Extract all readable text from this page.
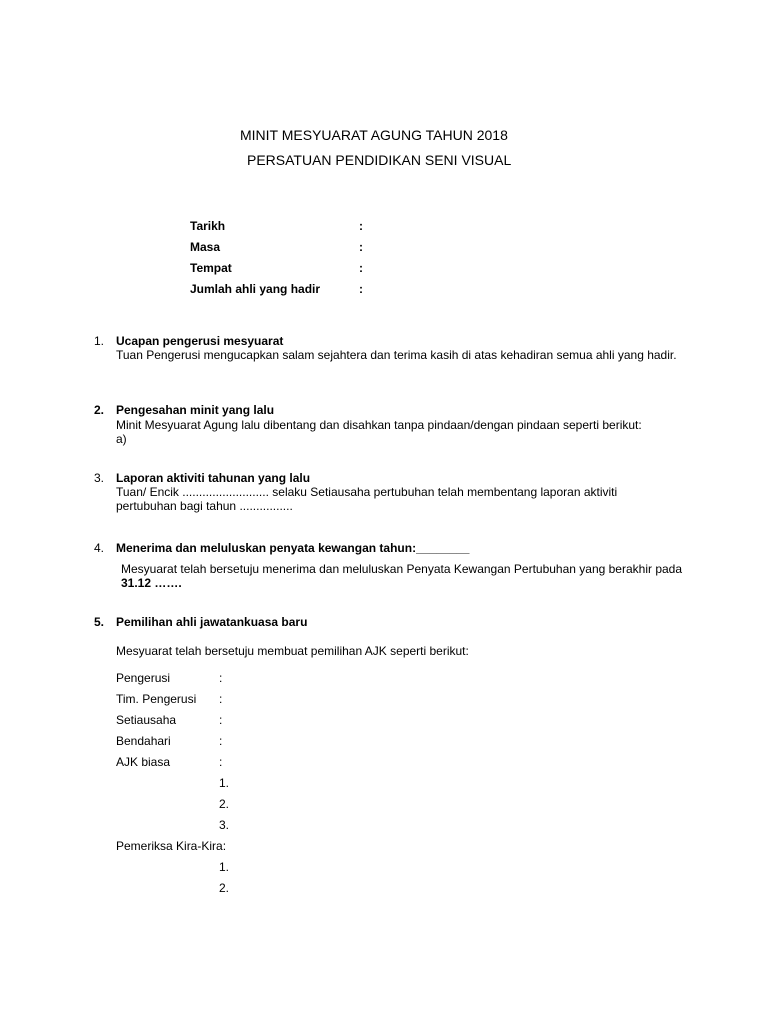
MINIT MESYUARAT AGUNG TAHUN 2018
PERSATUAN PENDIDIKAN SENI VISUAL
Tarikh	:
Masa	:
Tempat	:
Jumlah ahli yang hadir	:
1. Ucapan pengerusi mesyuarat
Tuan Pengerusi mengucapkan salam sejahtera dan terima kasih di atas kehadiran semua ahli yang hadir.
2. Pengesahan minit yang lalu
Minit Mesyuarat Agung lalu dibentang dan disahkan tanpa pindaan/dengan pindaan seperti berikut:
a)
3. Laporan aktiviti tahunan yang lalu
Tuan/ Encik .......................... selaku Setiausaha pertubuhan telah membentang laporan aktiviti pertubuhan bagi tahun ................
4. Menerima dan meluluskan penyata kewangan tahun:________
Mesyuarat telah bersetuju menerima dan meluluskan Penyata Kewangan Pertubuhan yang berakhir pada 31.12 …….
5. Pemilihan ahli jawatankuasa baru
Mesyuarat telah bersetuju membuat pemilihan AJK seperti berikut:
Pengerusi	:
Tim. Pengerusi :
Setiausaha	:
Bendahari	:
AJK biasa	:
1.
2.
3.
Pemeriksa Kira-Kira:
1.
2.
